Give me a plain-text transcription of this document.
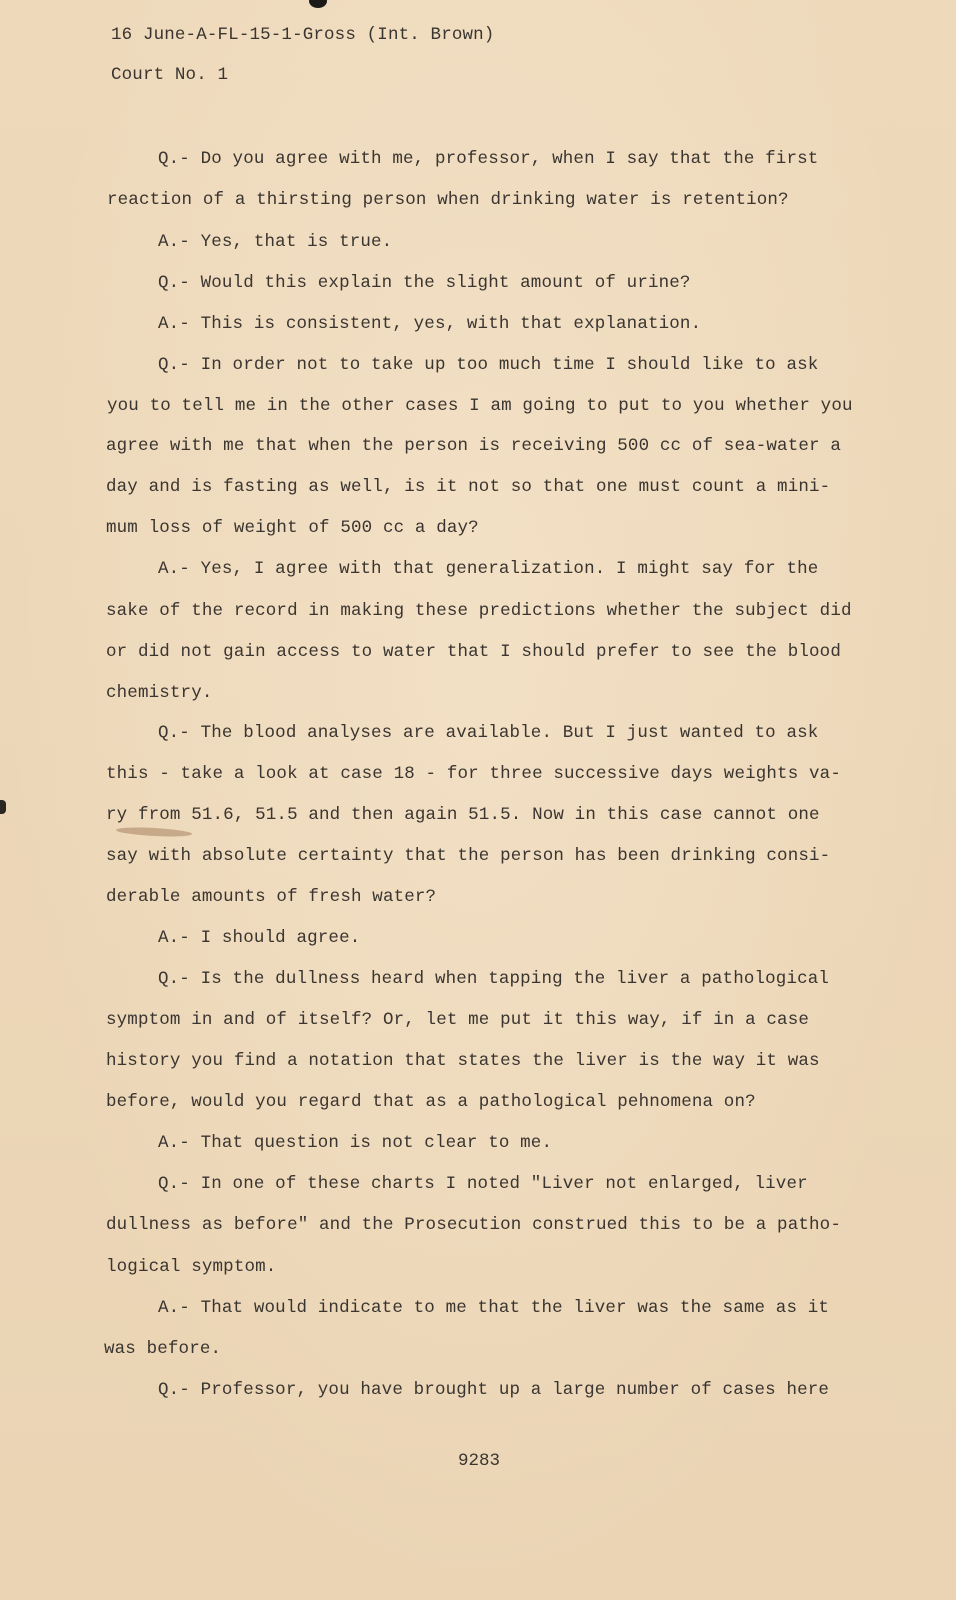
16 June-A-FL-15-1-Gross (Int. Brown)
Court No. 1
Q.- Do you agree with me, professor, when I say that the first
reaction of a thirsting person when drinking water is retention?
A.- Yes, that is true.
Q.- Would this explain the slight amount of urine?
A.- This is consistent, yes, with that explanation.
Q.- In order not to take up too much time I should like to ask
you to tell me in the other cases I am going to put to you whether you
agree with me that when the person is receiving 500 cc of sea-water a
day and is fasting as well, is it not so that one must count a mini-
mum loss of weight of 500 cc a day?
A.- Yes, I agree with that generalization. I might say for the
sake of the record in making these predictions whether the subject did
or did not gain access to water that I should prefer to see the blood
chemistry.
Q.- The blood analyses are available. But I just wanted to ask
this - take a look at case 18 - for three successive days weights va-
ry from 51.6, 51.5 and then again 51.5. Now in this case cannot one
say with absolute certainty that the person has been drinking consi-
derable amounts of fresh water?
A.- I should agree.
Q.- Is the dullness heard when tapping the liver a pathological
symptom in and of itself? Or, let me put it this way, if in a case
history you find a notation that states the liver is the way it was
before, would you regard that as a pathological pehnomena on?
A.- That question is not clear to me.
Q.- In one of these charts I noted "Liver not enlarged, liver
dullness as before" and the Prosecution construed this to be a patho-
logical symptom.
A.- That would indicate to me that the liver was the same as it
was before.
Q.- Professor, you have brought up a large number of cases here
9283
